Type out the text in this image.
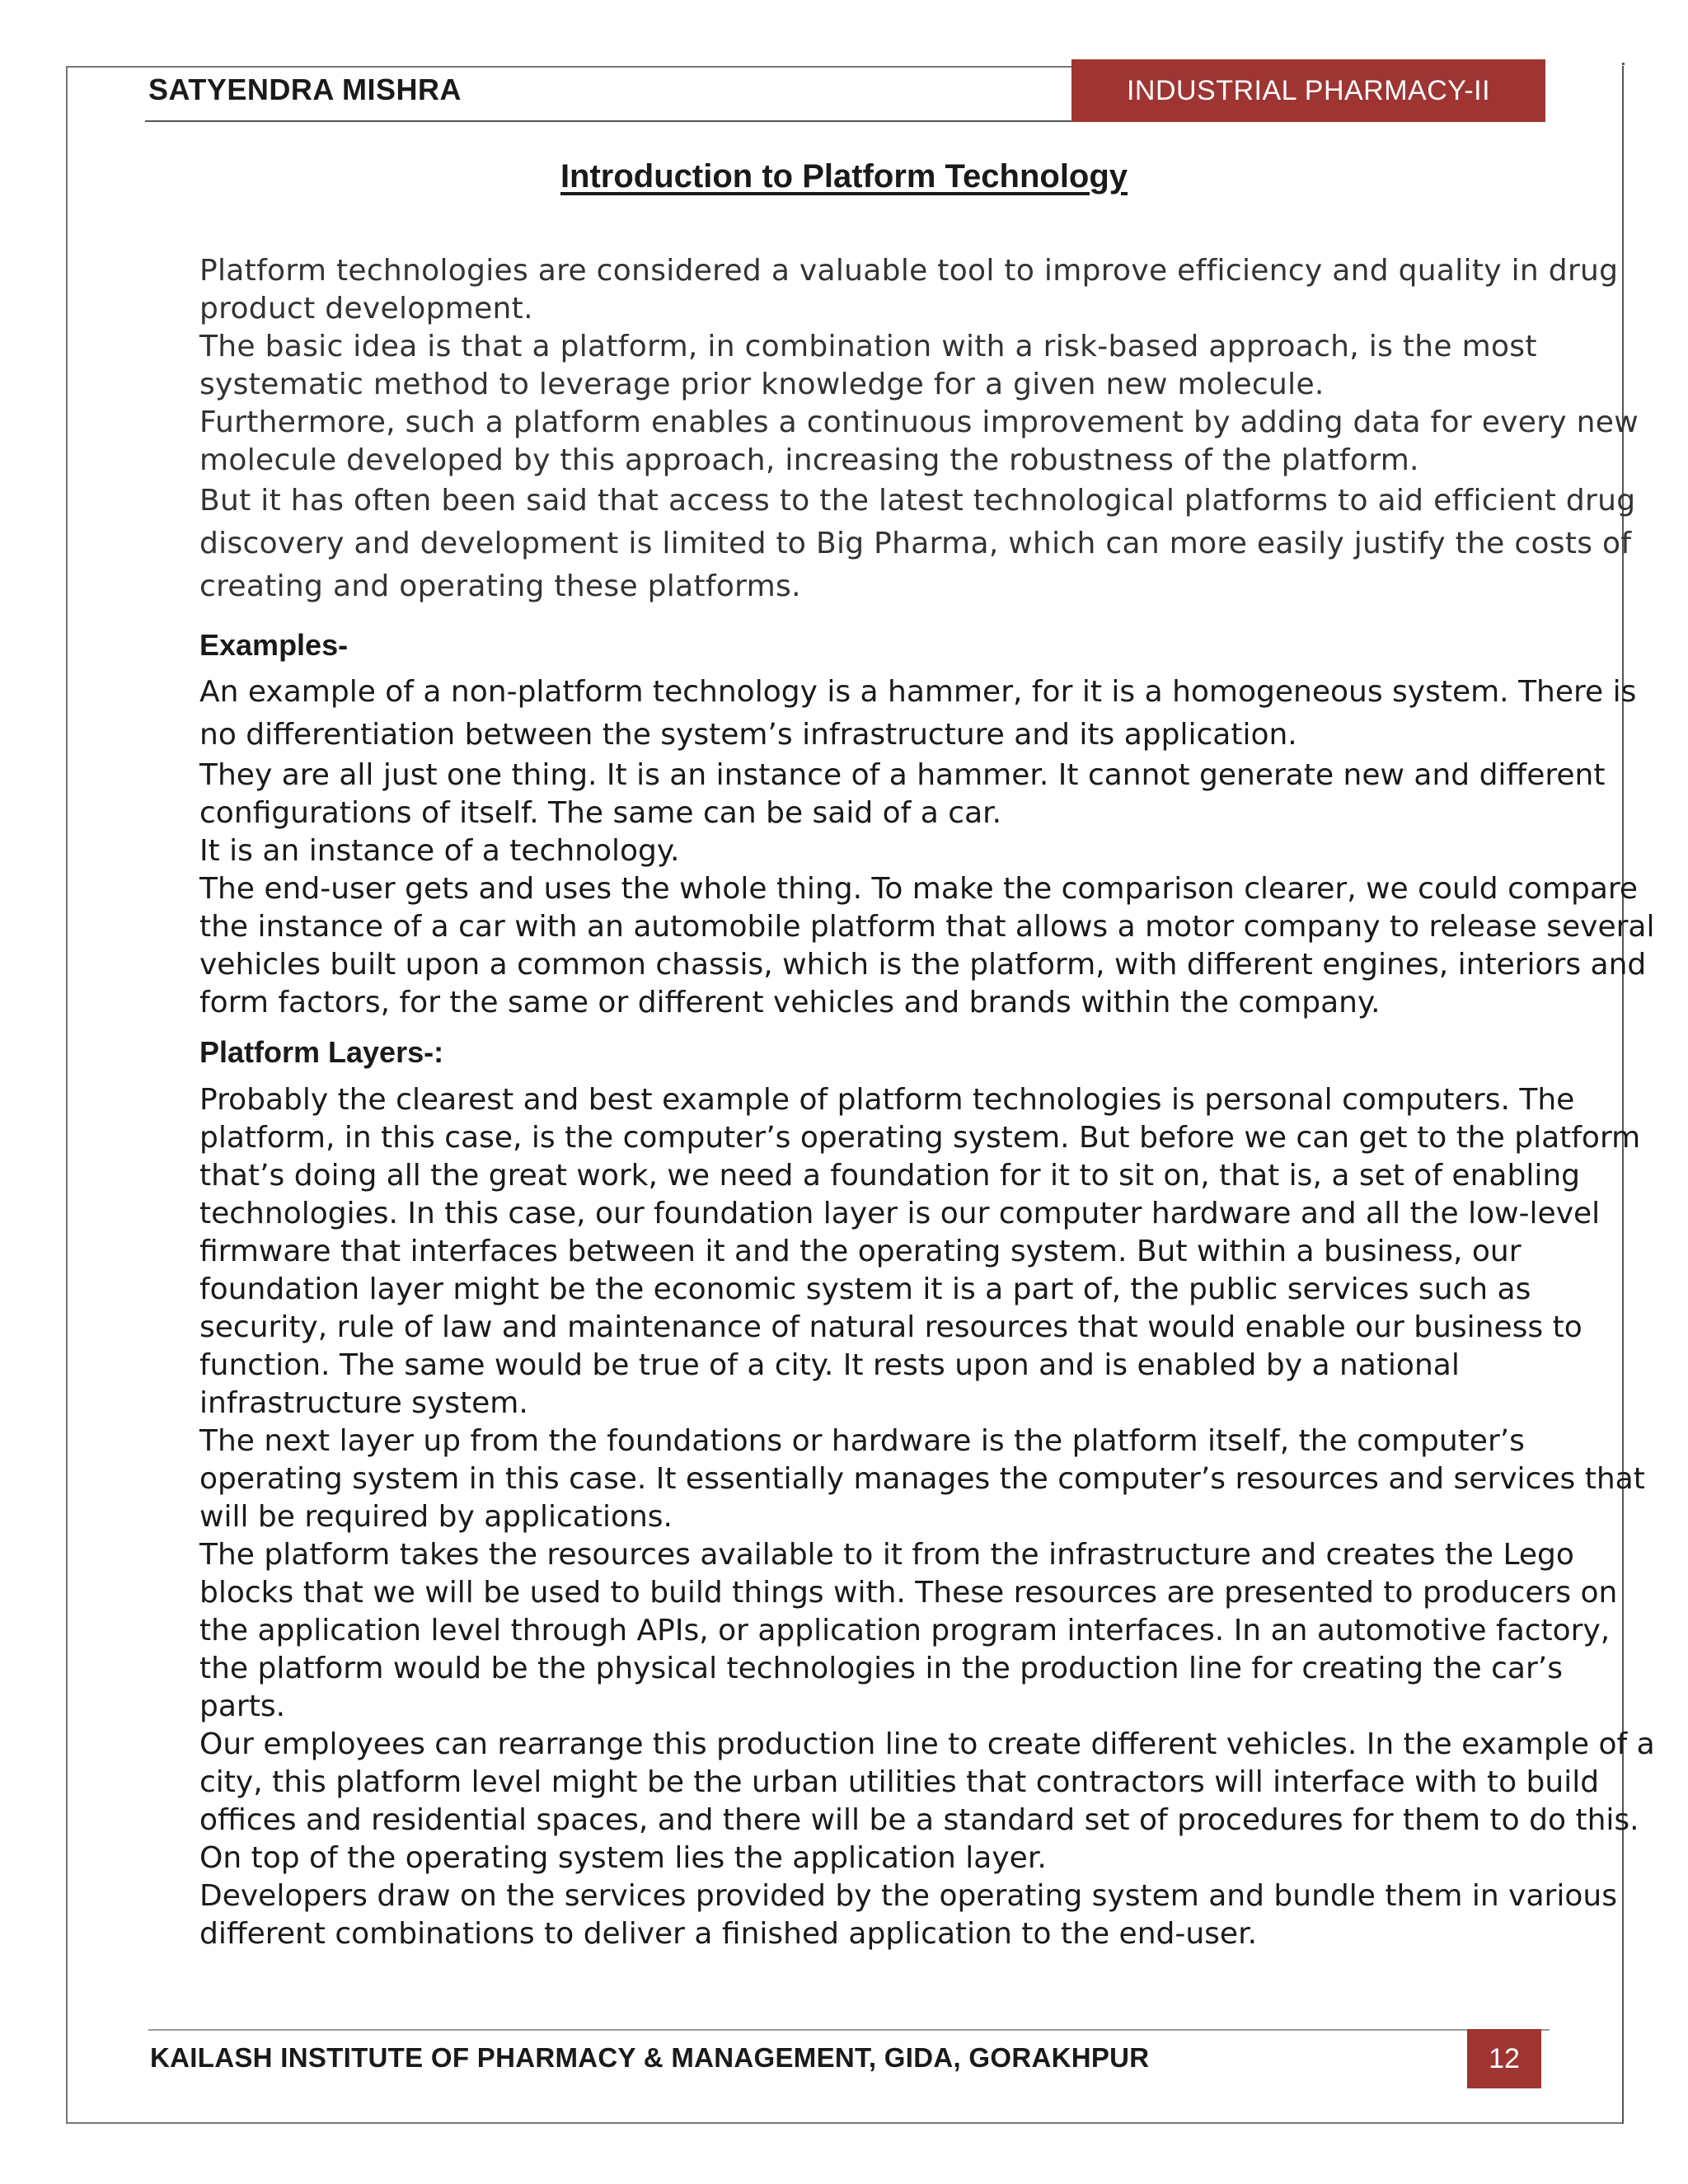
SATYENDRA MISHRA	INDUSTRIAL PHARMACY-II
Introduction to Platform Technology

Platform technologies are considered a valuable tool to improve efficiency and quality in drug

product development.

The basic idea is that a platform, in combination with a risk-based approach, is the most

systematic method to leverage prior knowledge for a given new molecule.

Furthermore, such a platform enables a continuous improvement by adding data for every new

molecule developed by this approach, increasing the robustness of the platform.

But it has often been said that access to the latest technological platforms to aid efficient drug

discovery and development is limited to Big Pharma, which can more easily justify the costs of

creating and operating these platforms.

Examples-

An example of a non-platform technology is a hammer, for it is a homogeneous system. There is

no differentiation between the system’s infrastructure and its application.

They are all just one thing. It is an instance of a hammer. It cannot generate new and different

configurations of itself. The same can be said of a car.

It is an instance of a technology.

The end-user gets and uses the whole thing. To make the comparison clearer, we could compare

the instance of a car with an automobile platform that allows a motor company to release several

vehicles built upon a common chassis, which is the platform, with different engines, interiors and

form factors, for the same or different vehicles and brands within the company.

Platform Layers-:

Probably the clearest and best example of platform technologies is personal computers. The

platform, in this case, is the computer’s operating system. But before we can get to the platform

that’s doing all the great work, we need a foundation for it to sit on, that is, a set of enabling

technologies. In this case, our foundation layer is our computer hardware and all the low-level

firmware that interfaces between it and the operating system. But within a business, our

foundation layer might be the economic system it is a part of, the public services such as

security, rule of law and maintenance of natural resources that would enable our business to

function. The same would be true of a city. It rests upon and is enabled by a national

infrastructure system.

The next layer up from the foundations or hardware is the platform itself, the computer’s

operating system in this case. It essentially manages the computer’s resources and services that

will be required by applications.

The platform takes the resources available to it from the infrastructure and creates the Lego

blocks that we will be used to build things with. These resources are presented to producers on

the application level through APIs, or application program interfaces. In an automotive factory,

the platform would be the physical technologies in the production line for creating the car’s

parts.

Our employees can rearrange this production line to create different vehicles. In the example of a

city, this platform level might be the urban utilities that contractors will interface with to build

offices and residential spaces, and there will be a standard set of procedures for them to do this.

On top of the operating system lies the application layer.

Developers draw on the services provided by the operating system and bundle them in various

different combinations to deliver a finished application to the end-user.

KAILASH INSTITUTE OF PHARMACY & MANAGEMENT, GIDA, GORAKHPUR	12
